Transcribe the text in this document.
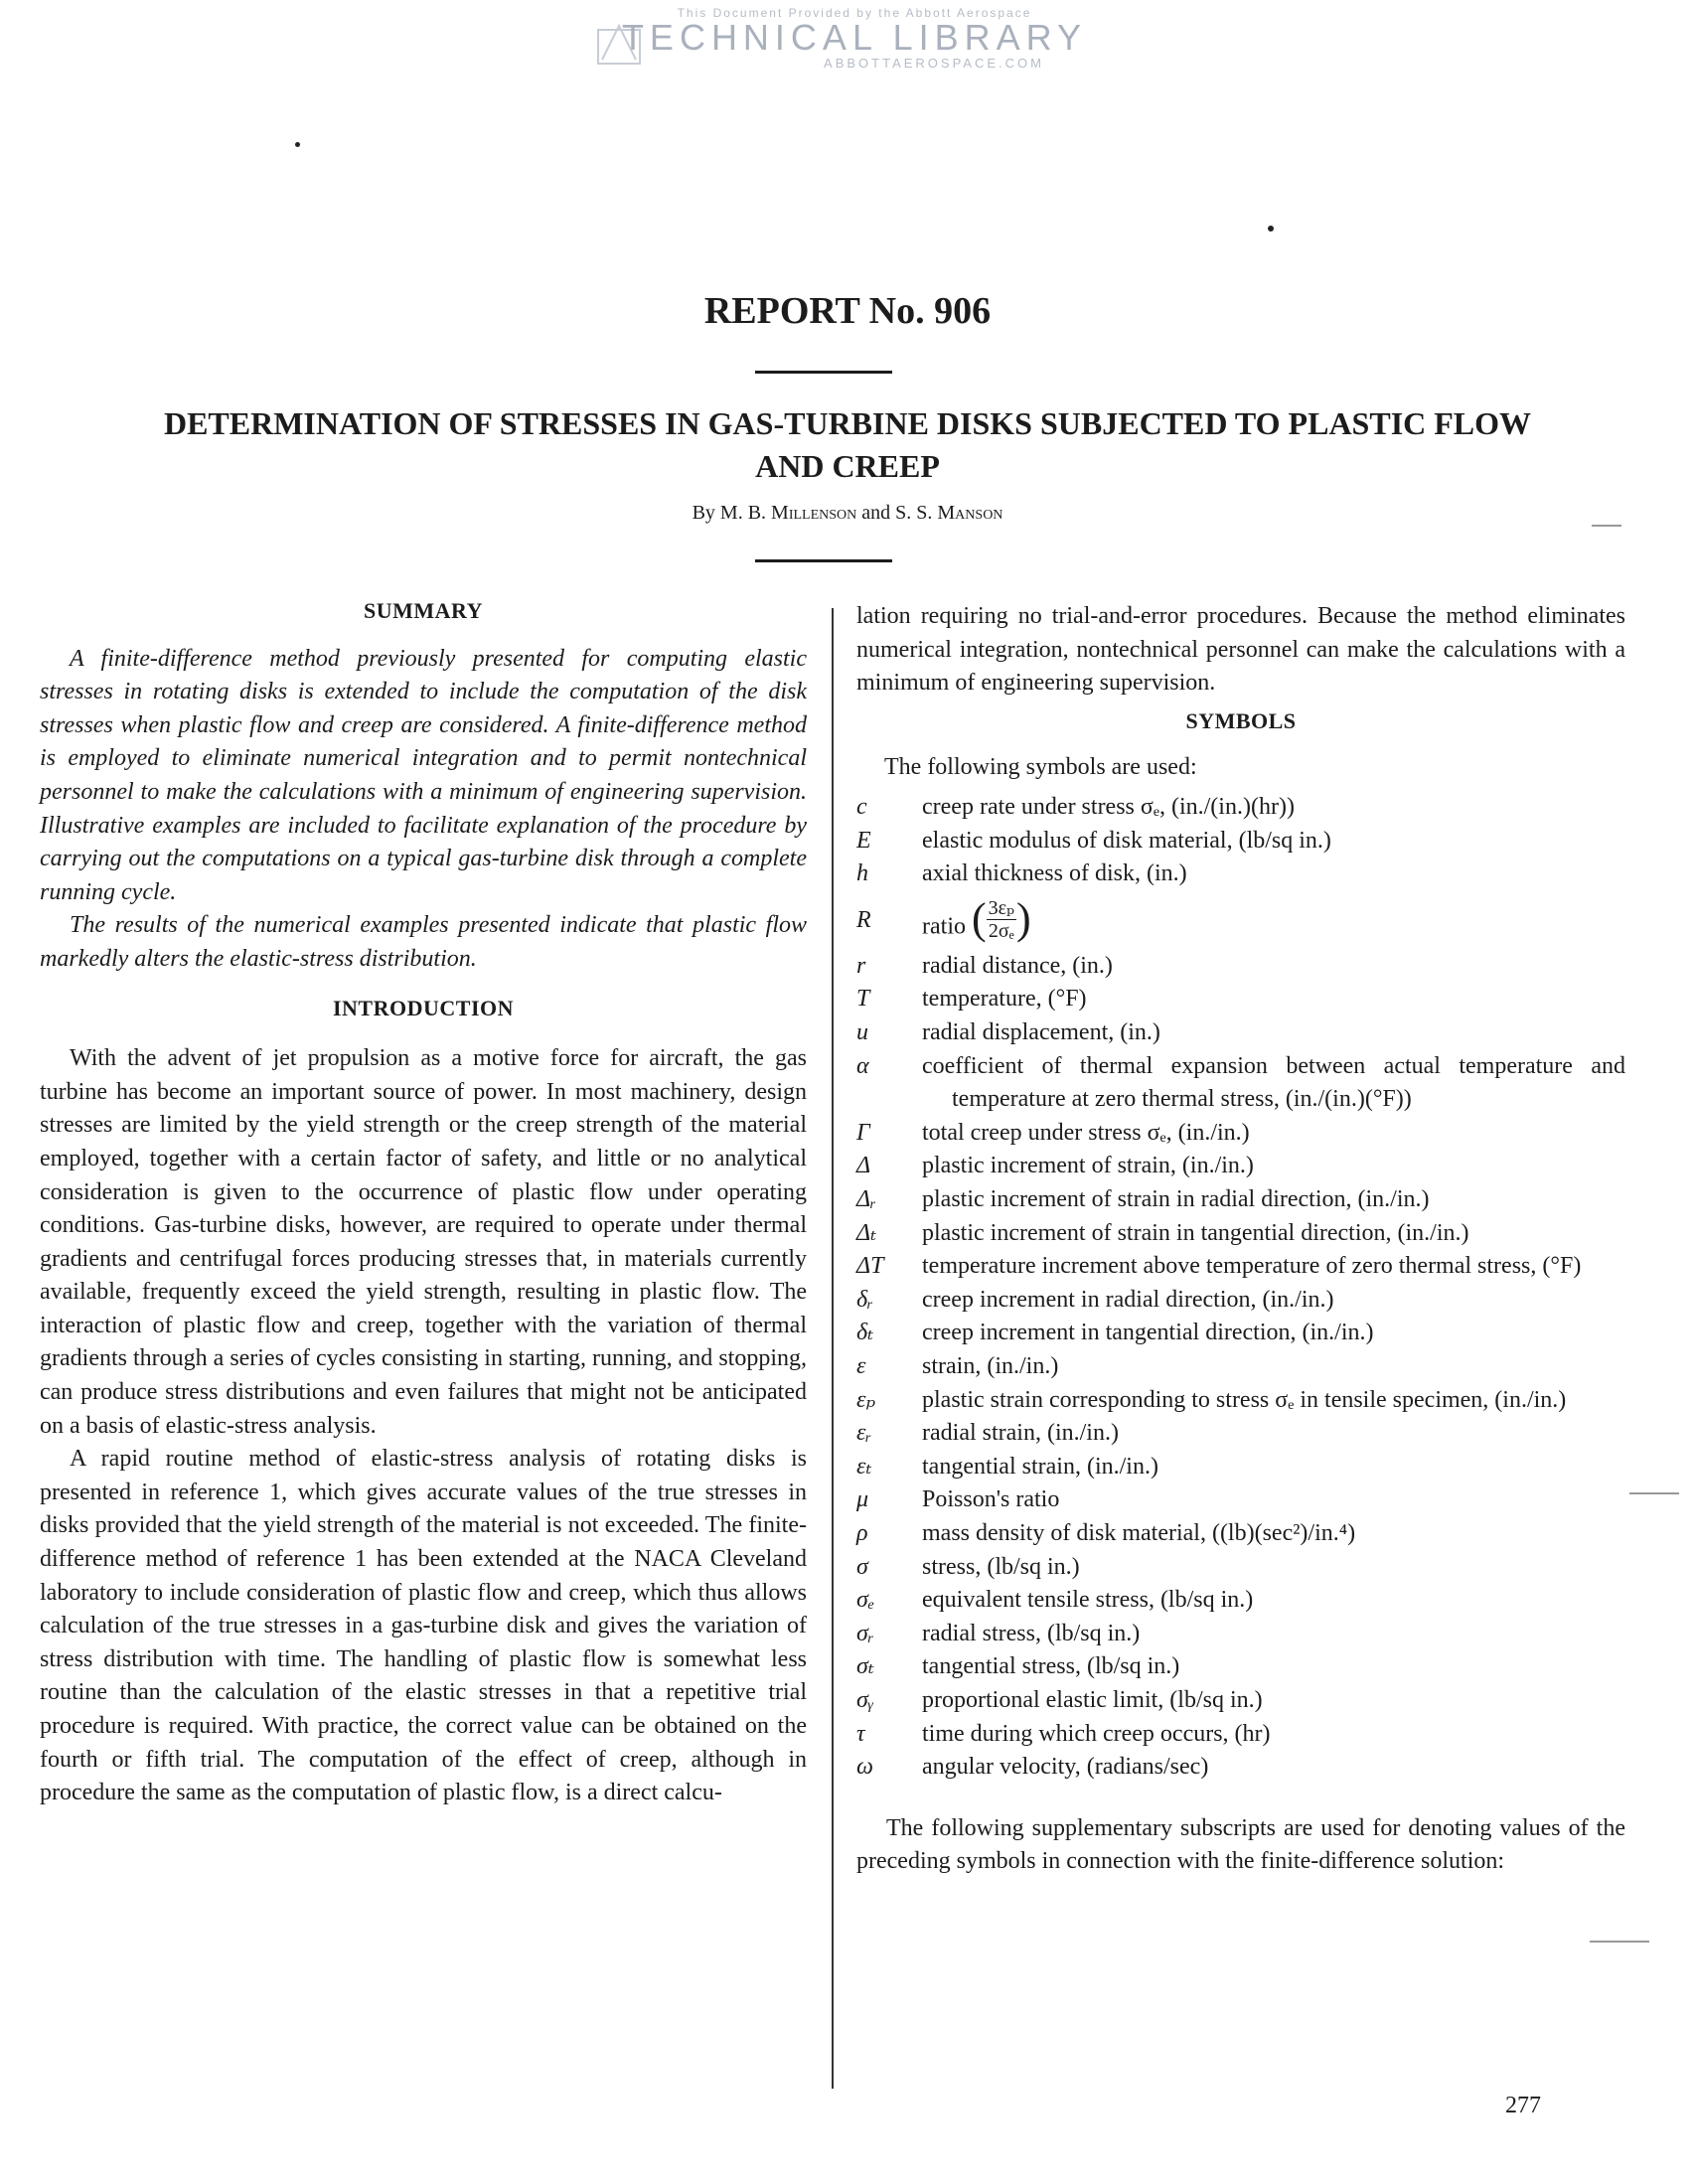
This Document Provided by the Abbott Aerospace
TECHNICAL LIBRARY
ABBOTTAEROSPACE.COM
REPORT No. 906
DETERMINATION OF STRESSES IN GAS-TURBINE DISKS SUBJECTED TO PLASTIC FLOW
AND CREEP
By M. B. Millenson and S. S. Manson
SUMMARY

A finite-difference method previously presented for computing elastic stresses in rotating disks is extended to include the computation of the disk stresses when plastic flow and creep are considered. A finite-difference method is employed to eliminate numerical integration and to permit nontechnical personnel to make the calculations with a minimum of engineering supervision. Illustrative examples are included to facilitate explanation of the procedure by carrying out the computations on a typical gas-turbine disk through a complete running cycle.

The results of the numerical examples presented indicate that plastic flow markedly alters the elastic-stress distribution.

INTRODUCTION

With the advent of jet propulsion as a motive force for aircraft, the gas turbine has become an important source of power. In most machinery, design stresses are limited by the yield strength or the creep strength of the material employed, together with a certain factor of safety, and little or no analytical consideration is given to the occurrence of plastic flow under operating conditions. Gas-turbine disks, however, are required to operate under thermal gradients and centrifugal forces producing stresses that, in materials currently available, frequently exceed the yield strength, resulting in plastic flow. The interaction of plastic flow and creep, together with the variation of thermal gradients through a series of cycles consisting in starting, running, and stopping, can produce stress distributions and even failures that might not be anticipated on a basis of elastic-stress analysis.

A rapid routine method of elastic-stress analysis of rotating disks is presented in reference 1, which gives accurate values of the true stresses in disks provided that the yield strength of the material is not exceeded. The finite-difference method of reference 1 has been extended at the NACA Cleveland laboratory to include consideration of plastic flow and creep, which thus allows calculation of the true stresses in a gas-turbine disk and gives the variation of stress distribution with time. The handling of plastic flow is somewhat less routine than the calculation of the elastic stresses in that a repetitive trial procedure is required. With practice, the correct value can be obtained on the fourth or fifth trial. The computation of the effect of creep, although in procedure the same as the computation of plastic flow, is a direct calcu-

lation requiring no trial-and-error procedures. Because the method eliminates numerical integration, nontechnical personnel can make the calculations with a minimum of engineering supervision.

SYMBOLS

The following symbols are used:

c	creep rate under stress σₑ, (in./(in.)(hr))
E	elastic modulus of disk material, (lb/sq in.)
h	axial thickness of disk, (in.)
R	ratio ( $\frac{\text{3εₚ}}{\text{2σₑ}}$ )
r	radial distance, (in.)
T	temperature, (°F)
u	radial displacement, (in.)
α	coefficient of thermal expansion between actual temperature and temperature at zero thermal stress, (in./(in.)(°F))
Γ	total creep under stress σₑ, (in./in.)
Δ	plastic increment of strain, (in./in.)
Δᵣ	plastic increment of strain in radial direction, (in./in.)
Δₜ	plastic increment of strain in tangential direction, (in./in.)
ΔT	temperature increment above temperature of zero thermal stress, (°F)
δᵣ	creep increment in radial direction, (in./in.)
δₜ	creep increment in tangential direction, (in./in.)
ε	strain, (in./in.)
εₚ	plastic strain corresponding to stress σₑ in tensile specimen, (in./in.)
εᵣ	radial strain, (in./in.)
εₜ	tangential strain, (in./in.)
μ	Poisson's ratio
ρ	mass density of disk material, ((lb)(sec²)/in.⁴)
σ	stress, (lb/sq in.)
σₑ	equivalent tensile stress, (lb/sq in.)
σᵣ	radial stress, (lb/sq in.)
σₜ	tangential stress, (lb/sq in.)
σᵧ	proportional elastic limit, (lb/sq in.)
τ	time during which creep occurs, (hr)
ω	angular velocity, (radians/sec)

The following supplementary subscripts are used for denoting values of the preceding symbols in connection with the finite-difference solution:

277
